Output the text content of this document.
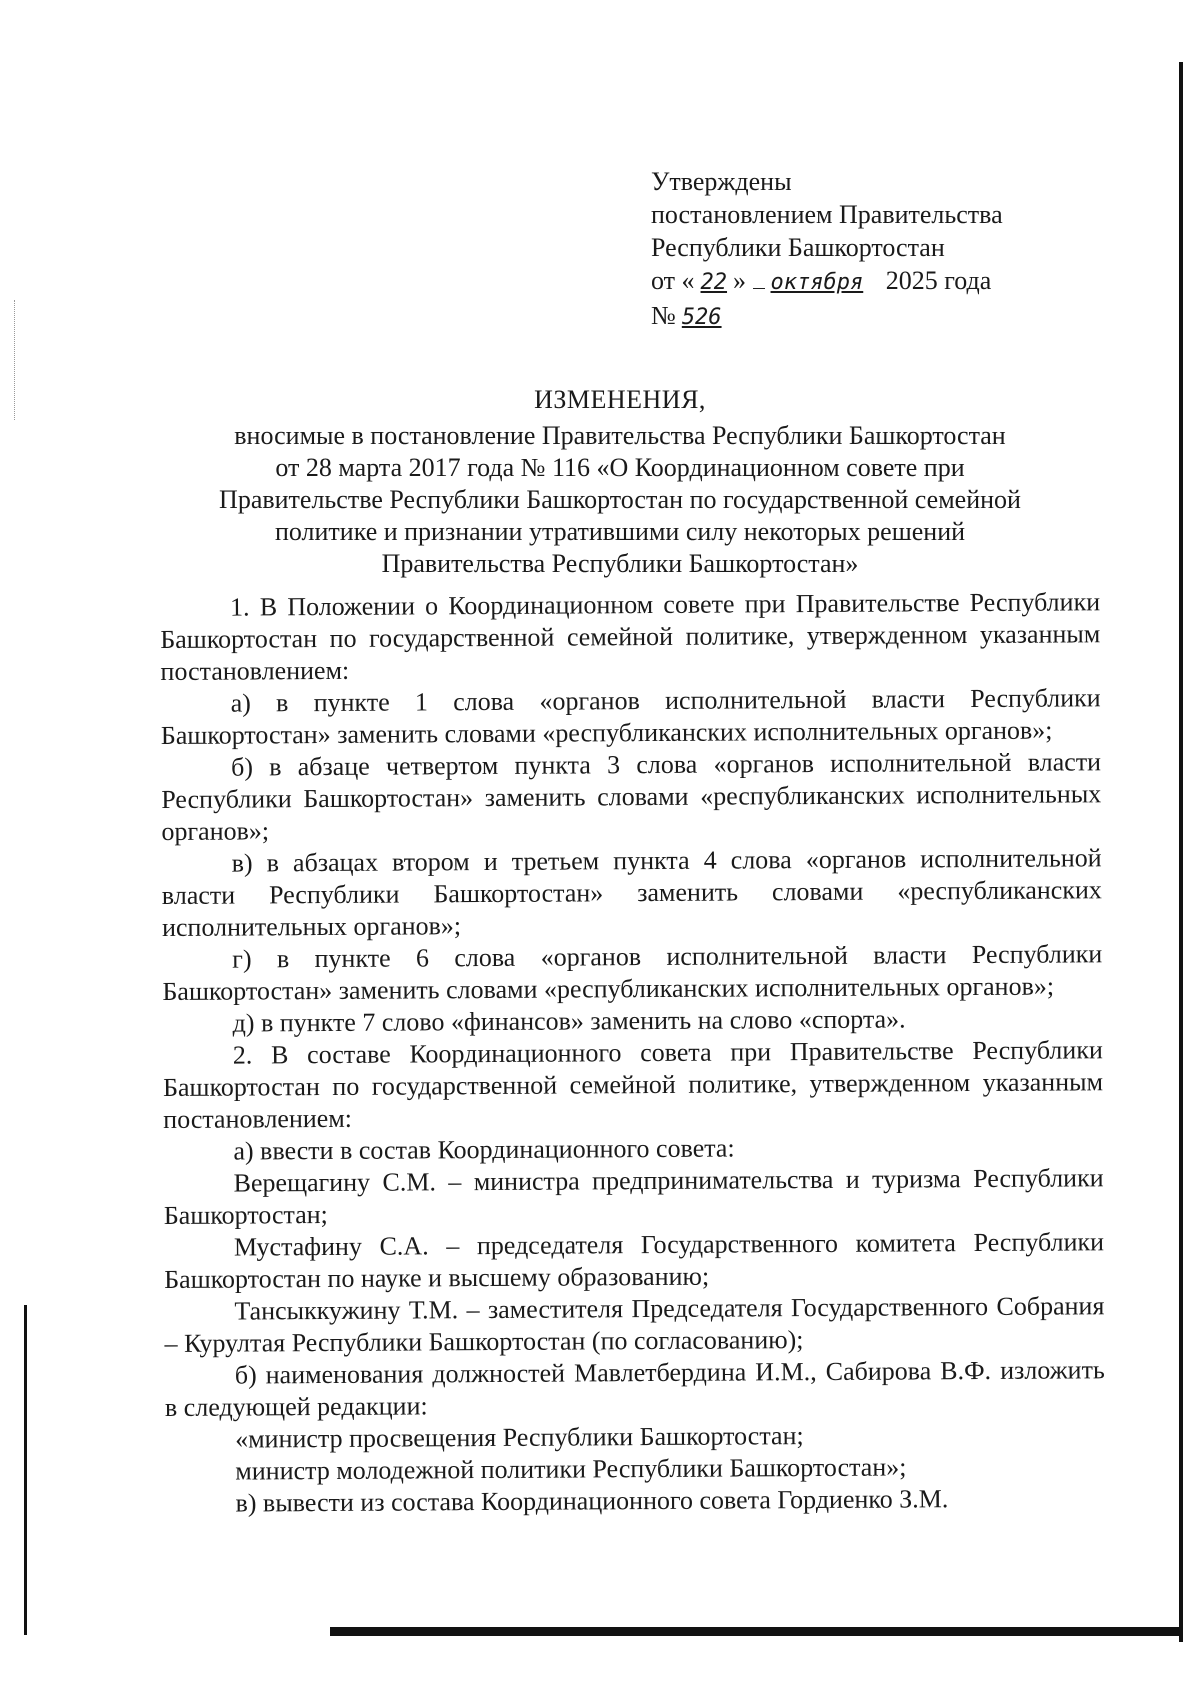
Утверждены
постановлением Правительства
Республики Башкортостан
от « 22 » октября 2025 года
№ 526
ИЗМЕНЕНИЯ,

вносимые в постановление Правительства Республики Башкортостан

от 28 марта 2017 года № 116 «О Координационном совете при

Правительстве Республики Башкортостан по государственной семейной

политике и признании утратившими силу некоторых решений

Правительства Республики Башкортостан»

1. В Положении о Координационном совете при Правительстве Республики Башкортостан по государственной семейной политике, утвержденном указанным постановлением:

а) в пункте 1 слова «органов исполнительной власти Республики Башкортостан» заменить словами «республиканских исполнительных органов»;

б) в абзаце четвертом пункта 3 слова «органов исполнительной власти Республики Башкортостан» заменить словами «республиканских исполнительных органов»;

в) в абзацах втором и третьем пункта 4 слова «органов исполнительной власти Республики Башкортостан» заменить словами «республиканских исполнительных органов»;

г) в пункте 6 слова «органов исполнительной власти Республики Башкортостан» заменить словами «республиканских исполнительных органов»;

д) в пункте 7 слово «финансов» заменить на слово «спорта».

2. В составе Координационного совета при Правительстве Республики Башкортостан по государственной семейной политике, утвержденном указанным постановлением:

а) ввести в состав Координационного совета:

Верещагину С.М. – министра предпринимательства и туризма Республики Башкортостан;

Мустафину С.А. – председателя Государственного комитета Республики Башкортостан по науке и высшему образованию;

Тансыккужину Т.М. – заместителя Председателя Государственного Собрания – Курултая Республики Башкортостан (по согласованию);

б) наименования должностей Мавлетбердина И.М., Сабирова В.Ф. изложить в следующей редакции:

«министр просвещения Республики Башкортостан;

министр молодежной политики Республики Башкортостан»;

в) вывести из состава Координационного совета Гордиенко З.М.
